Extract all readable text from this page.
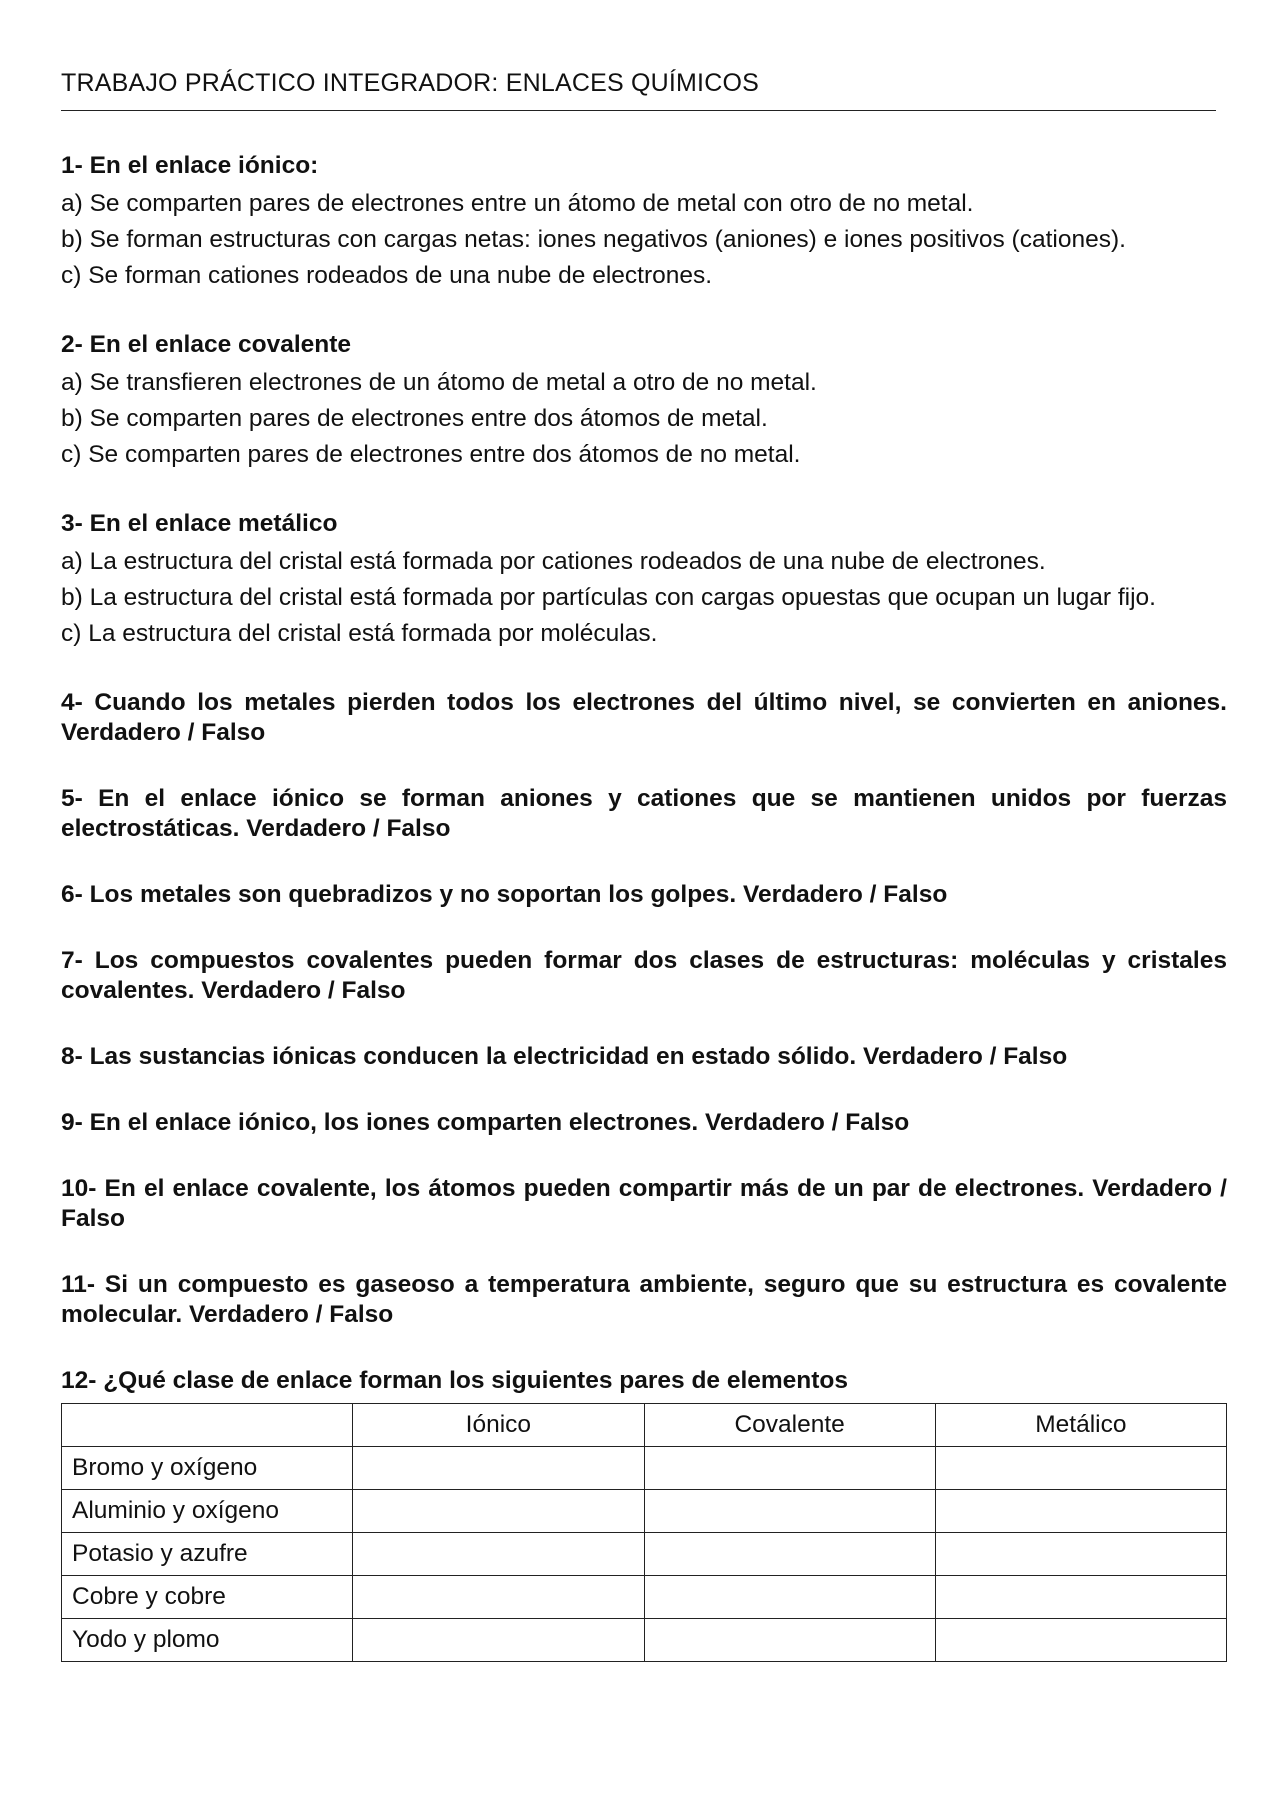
TRABAJO PRÁCTICO INTEGRADOR: ENLACES QUÍMICOS
1- En el enlace iónico:
a) Se comparten pares de electrones entre un átomo de metal con otro de no metal.
b) Se forman estructuras con cargas netas: iones negativos (aniones) e iones positivos (cationes).
c) Se forman cationes rodeados de una nube de electrones.
2- En el enlace covalente
a) Se transfieren electrones de un átomo de metal a otro de no metal.
b) Se comparten pares de electrones entre dos átomos de metal.
c) Se comparten pares de electrones entre dos átomos de no metal.
3- En el enlace metálico
a) La estructura del cristal está formada por cationes rodeados de una nube de electrones.
b) La estructura del cristal está formada por partículas con cargas opuestas que ocupan un lugar fijo.
c) La estructura del cristal está formada por moléculas.
4- Cuando los metales pierden todos los electrones del último nivel, se convierten en aniones. Verdadero / Falso
5- En el enlace iónico se forman aniones y cationes que se mantienen unidos por fuerzas electrostáticas. Verdadero / Falso
6- Los metales son quebradizos y no soportan los golpes. Verdadero / Falso
7- Los compuestos covalentes pueden formar dos clases de estructuras: moléculas y cristales covalentes. Verdadero / Falso
8- Las sustancias iónicas conducen la electricidad en estado sólido. Verdadero / Falso
9- En el enlace iónico, los iones comparten electrones. Verdadero / Falso
10- En el enlace covalente, los átomos pueden compartir más de un par de electrones. Verdadero / Falso
11- Si un compuesto es gaseoso a temperatura ambiente, seguro que su estructura es covalente molecular. Verdadero / Falso
12- ¿Qué clase de enlace forman los siguientes pares de elementos
	Iónico	Covalente	Metálico
Bromo y oxígeno			
Aluminio y oxígeno			
Potasio y azufre			
Cobre y cobre			
Yodo y plomo			
